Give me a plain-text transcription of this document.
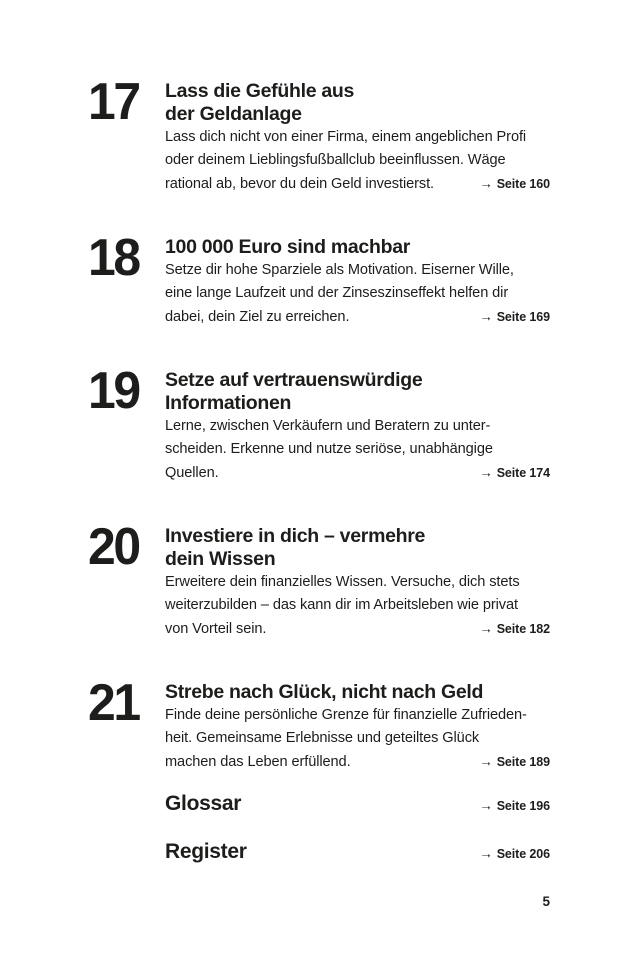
17	Lass die Gefühle aus
der Geldanlage

Lass dich nicht von einer Firma, einem angeblichen Profi
oder deinem Lieblingsfußballclub beeinflussen. Wäge
rational ab, bevor du dein Geld investierst.	→ Seite 160

18	100 000 Euro sind machbar

Setze dir hohe Sparziele als Motivation. Eiserner Wille,
eine lange Laufzeit und der Zinseszinseffekt helfen dir
dabei, dein Ziel zu erreichen.	→ Seite 169

19	Setze auf vertrauenswürdige
Informationen

Lerne, zwischen Verkäufern und Beratern zu unter-
scheiden. Erkenne und nutze seriöse, unabhängige
Quellen.	→ Seite 174

20	Investiere in dich – vermehre
dein Wissen

Erweitere dein finanzielles Wissen. Versuche, dich stets
weiterzubilden – das kann dir im Arbeitsleben wie privat
von Vorteil sein.	→ Seite 182

21	Strebe nach Glück, nicht nach Geld

Finde deine persönliche Grenze für finanzielle Zufrieden-
heit. Gemeinsame Erlebnisse und geteiltes Glück
machen das Leben erfüllend.	→ Seite 189

Glossar	→ Seite 196
Register	→ Seite 206
5
